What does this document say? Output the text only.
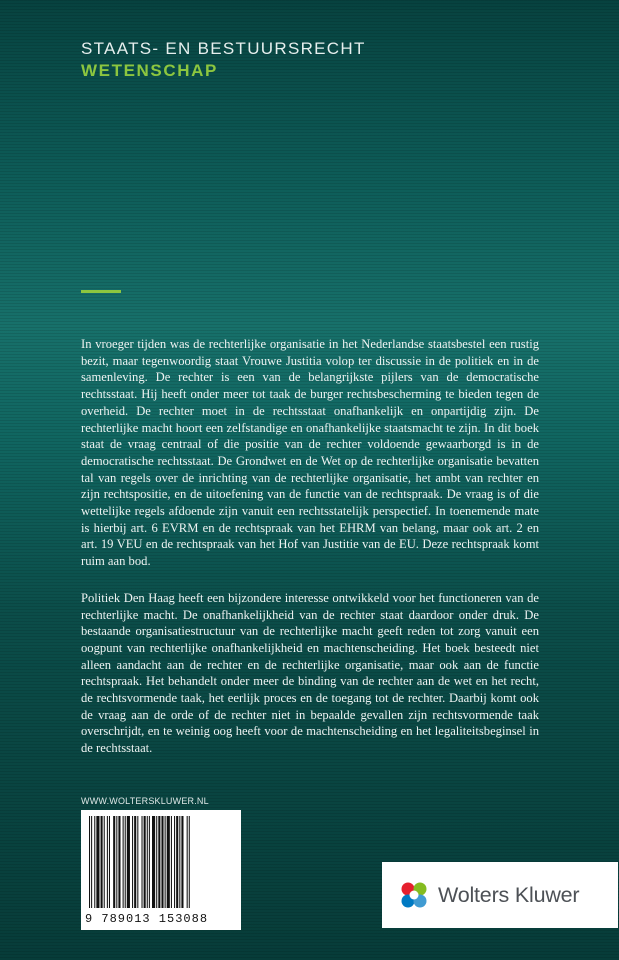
STAATS- EN BESTUURSRECHT
WETENSCHAP

In vroeger tijden was de rechterlijke organisatie in het Nederlandse staatsbestel een rustig bezit, maar tegenwoordig staat Vrouwe Justitia volop ter discussie in de politiek en in de samenleving. De rechter is een van de belangrijkste pijlers van de democratische rechtsstaat. Hij heeft onder meer tot taak de burger rechtsbescherming te bieden tegen de overheid. De rechter moet in de rechtsstaat onafhankelijk en onpartijdig zijn. De rechterlijke macht hoort een zelfstandige en onafhankelijke staatsmacht te zijn. In dit boek staat de vraag centraal of die positie van de rechter voldoende gewaarborgd is in de democratische rechtsstaat. De Grondwet en de Wet op de rechterlijke organisatie bevatten tal van regels over de inrichting van de rechterlijke organisatie, het ambt van rechter en zijn rechtspositie, en de uitoefening van de functie van de rechtspraak. De vraag is of die wettelijke regels afdoende zijn vanuit een rechtsstatelijk perspectief. In toenemende mate is hierbij art. 6 EVRM en de rechtspraak van het EHRM van belang, maar ook art. 2 en art. 19 VEU en de rechtspraak van het Hof van Justitie van de EU. Deze rechtspraak komt ruim aan bod.

Politiek Den Haag heeft een bijzondere interesse ontwikkeld voor het functioneren van de rechterlijke macht. De onafhankelijkheid van de rechter staat daardoor onder druk. De bestaande organisatiestructuur van de rechterlijke macht geeft reden tot zorg vanuit een oogpunt van rechterlijke onafhankelijkheid en machtenscheiding. Het boek besteedt niet alleen aandacht aan de rechter en de rechterlijke organisatie, maar ook aan de functie rechtspraak. Het behandelt onder meer de binding van de rechter aan de wet en het recht, de rechtsvormende taak, het eerlijk proces en de toegang tot de rechter. Daarbij komt ook de vraag aan de orde of de rechter niet in bepaalde gevallen zijn rechtsvormende taak overschrijdt, en te weinig oog heeft voor de machtenscheiding en het legaliteitsbeginsel in de rechtsstaat.

WWW.WOLTERSKLUWER.NL
9 789013 153088
Wolters Kluwer
